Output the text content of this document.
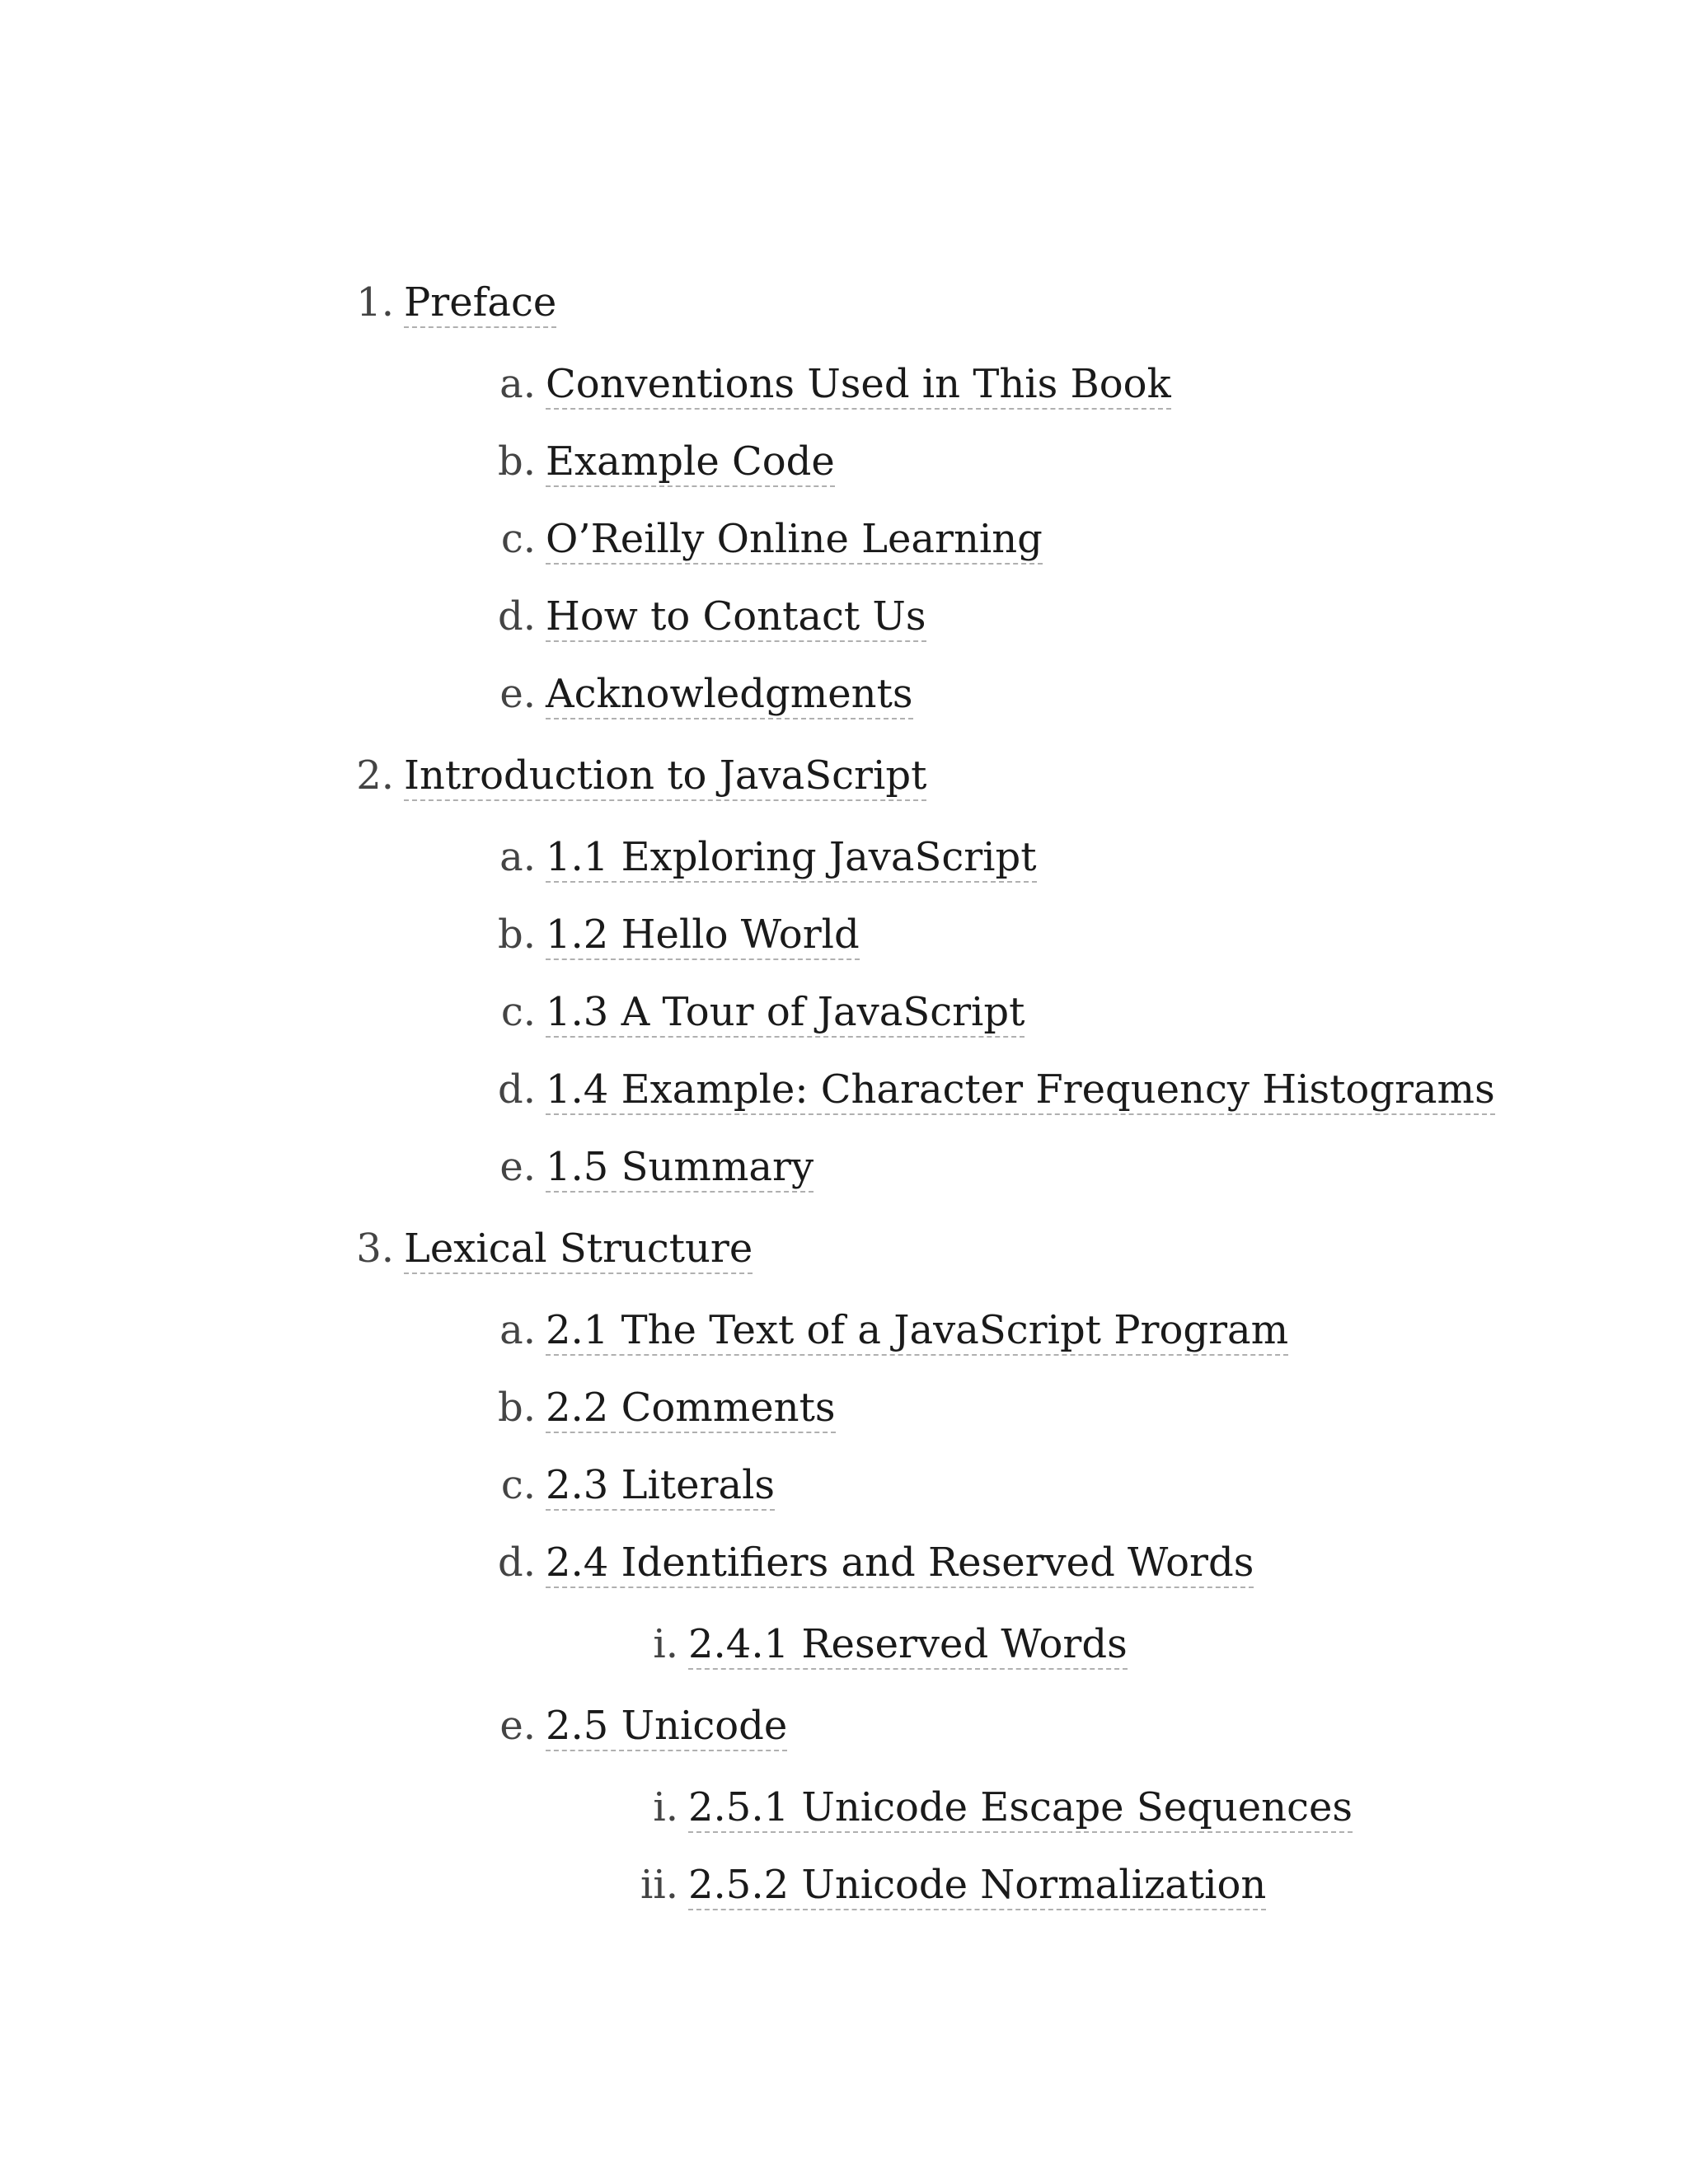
1. Preface
a. Conventions Used in This Book
b. Example Code
c. O’Reilly Online Learning
d. How to Contact Us
e. Acknowledgments
2. Introduction to JavaScript
a. 1.1 Exploring JavaScript
b. 1.2 Hello World
c. 1.3 A Tour of JavaScript
d. 1.4 Example: Character Frequency Histograms
e. 1.5 Summary
3. Lexical Structure
a. 2.1 The Text of a JavaScript Program
b. 2.2 Comments
c. 2.3 Literals
d. 2.4 Identifiers and Reserved Words
i. 2.4.1 Reserved Words
e. 2.5 Unicode
i. 2.5.1 Unicode Escape Sequences
ii. 2.5.2 Unicode Normalization
